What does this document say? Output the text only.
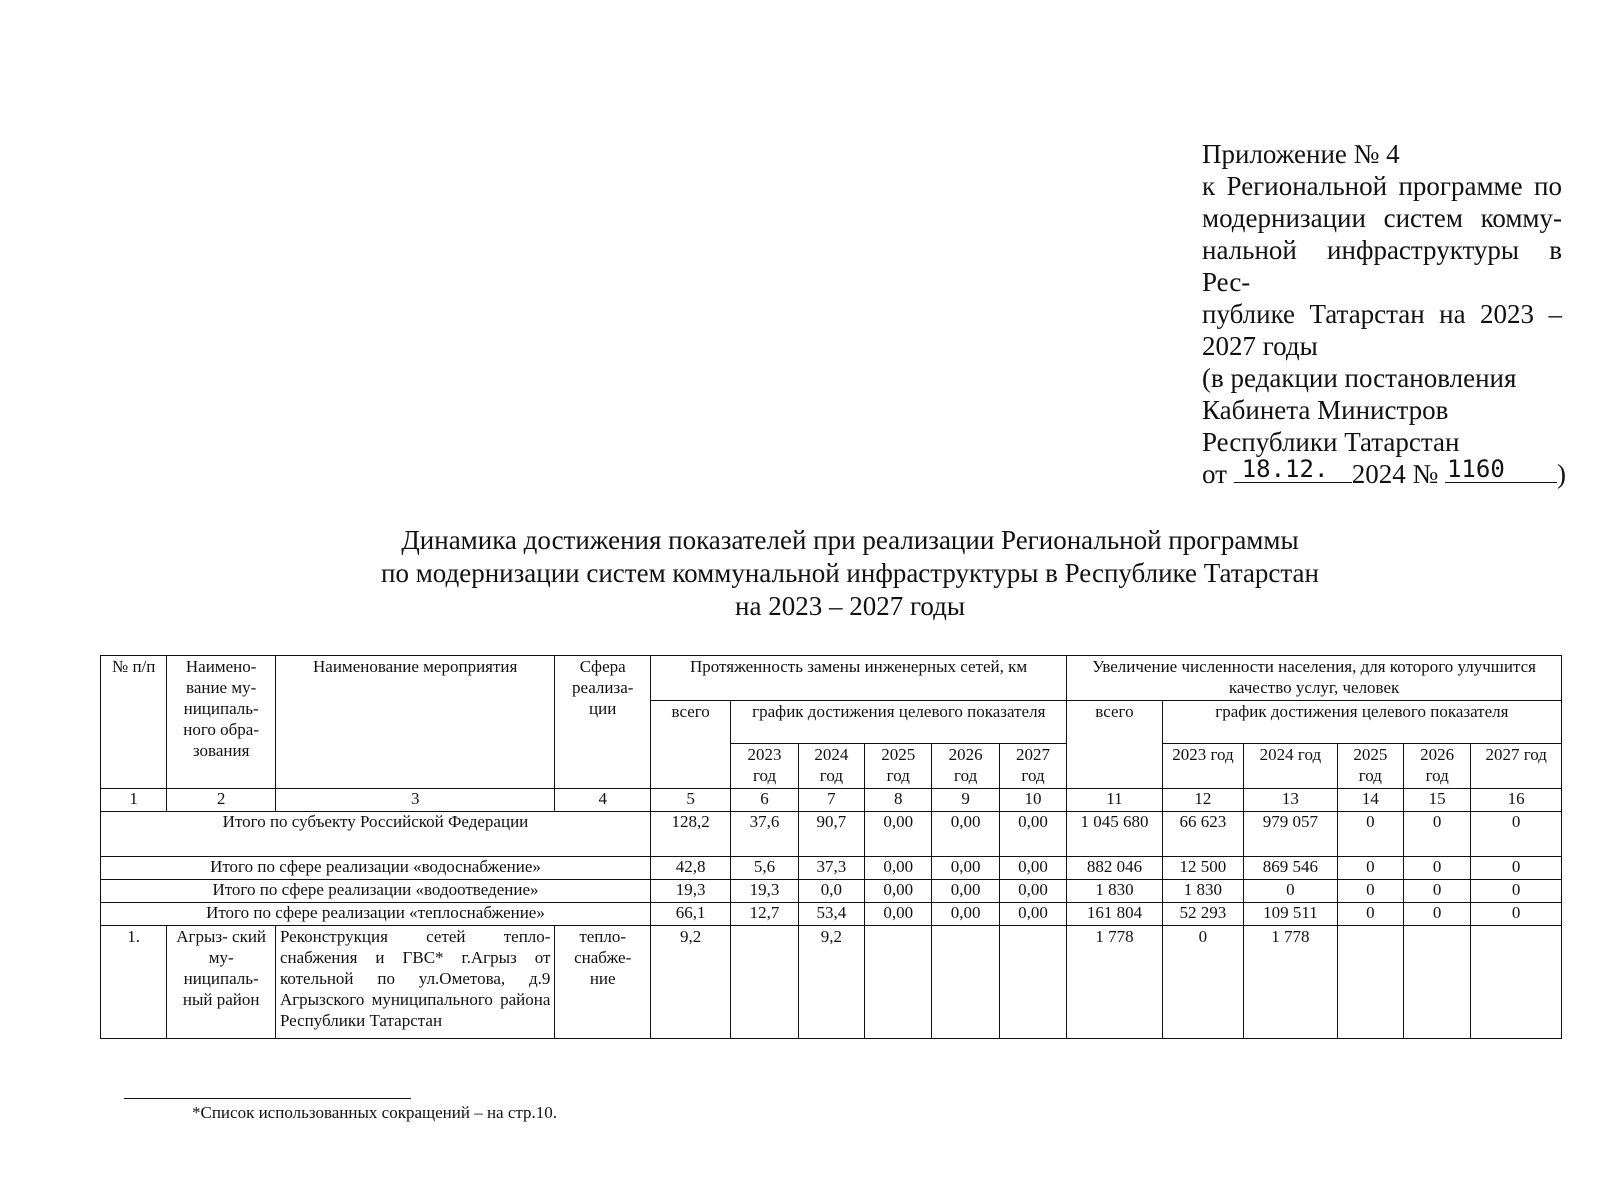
Приложение № 4
к Региональной программе по
модернизации систем комму-
нальной инфраструктуры в Рес-
публике Татарстан на 2023 –
2027 годы
(в редакции постановления
Кабинета Министров
Республики Татарстан
от 18.12. 2024 № 1160 )
Динамика достижения показателей при реализации Региональной программы
по модернизации систем коммунальной инфраструктуры в Республике Татарстан
на 2023 – 2027 годы
№ п/п	Наимено- вание му- ниципаль- ного обра- зования	Наименование мероприятия	Сфера реализа- ции	Протяженность замены инженерных сетей, км						Увеличение численности населения, для которого улучшится качество услуг, человек					
				всего	график достижения целевого показателя					всего	график достижения целевого показателя				
					2023 год	2024 год	2025 год	2026 год	2027 год		2023 год	2024 год	2025 год	2026 год	2027 год
1	2	3	4	5	6	7	8	9	10	11	12	13	14	15	16
Итого по субъекту Российской Федерации				128,2	37,6	90,7	0,00	0,00	0,00	1 045 680	66 623	979 057	0	0	0
Итого по сфере реализации «водоснабжение»				42,8	5,6	37,3	0,00	0,00	0,00	882 046	12 500	869 546	0	0	0
Итого по сфере реализации «водоотведение»				19,3	19,3	0,0	0,00	0,00	0,00	1 830	1 830	0	0	0	0
Итого по сфере реализации «теплоснабжение»				66,1	12,7	53,4	0,00	0,00	0,00	161 804	52 293	109 511	0	0	0
1.	Агрыз- ский му- ниципаль- ный район	Реконструкция сетей тепло- снабжения и ГВС* г.Агрыз от котельной по ул.Ометова, д.9 Агрызского муниципального района Республики Татарстан	тепло- снабже- ние	9,2		9,2				1 778	0	1 778			
*Список использованных сокращений – на стр.10.
